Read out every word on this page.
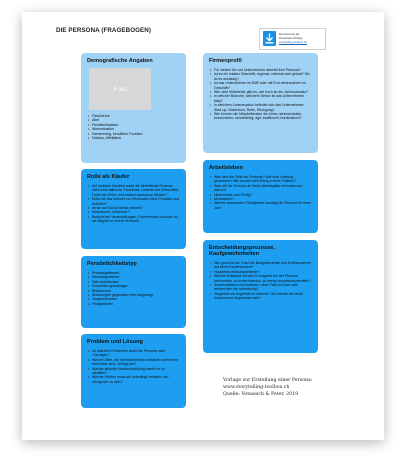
DIE PERSONA (FRAGEBOGEN)	Die Persona als
Download-Vorlage
storytelling-toolbox.ch
Demografische Angaben
Foto
• Geschlecht
• Alter
• Familiensituation
• Wohnsituation
• Karriereweg, berufliche Funktion
• Hobbys, Affinitäten
Rolle als Käufer
• Auf welchen Kanälen sucht die betreffende Persona nach Informationen: Facebook, LinkedIn etc./Newsletter, Foren etc./Print- und andere klassische Medien?
• Nutzt sie das Internet zur Information über Produkte und Anbieter?
• Ist sie auf Social Media präsent?
• Motivatoren, Influencer?
• Besucht sie Veranstaltungen, Fachmessen und/oder ist sie Mitglied in einem Verband?
Persönlichkeitstyp
• Prozessgesteuert
• Resultatgesteuert
• Sehr ambitioniert
• Hochleistungsmanager
• Risikoscheu
• Änderungen gegenüber eher abgeneigt
• Jungeschlossen
• Festgefahren
Problem und Lösung
• Zu welchen Problemen sucht die Persona nach Lösungen?
• Welche Ziele, die mit bestehenden Ansätzen nicht mehr erreichbar sind, verfolgt sie?
• Welche aktuelle Marktentwicklung macht ihr zu schaffen?
• Welche Hürden muss sie unbedingt meistern, um erfolgreich zu sein?
Firmenprofil
• Für welche Art von Unternehmen arbeitet ihre Persona?
• Ist es ein lokales Geschäft, regional, national oder global? Wo ist es ansässig?
• Ist das Unternehmen im B2B oder mit End-verbrauchern im Geschäft?
• Wie viele Mitarbeiter gibt es, wie hoch ist der Jahresumsatz?
• In welcher Branche, welchem Sektor ist das Unternehmen tätig?
• In welchem Lebenszyklus befindet sich das Unternehmen: Start-up, Wachstum, Reife, Rückgang?
• Wie können die Mitarbeitenden die Unter-nehmenskultur beschreiben: schnelllebig, agil, traditionell, bürokratisch?
Arbeitsleben
• Was sind die Ziele der Persona? Wie wird Leistung gemessen? Wie äussert sich Erfolg in ihrer Position?
• Was will die Persona an ihrem Arbeitsplatz erreichen und warum?
• Hindernisse zum Erfolg?
• Motivatoren?
• Welche besonderen Fähigkeiten benötigt die Persona für ihren Job?
Entscheidungsprozesse, Kaufgewohnheiten
• Wie gross ist der Grad der Budgetkontrolle und Einflussnahme auf einen Kaufentscheid?
• Hauptentscheidungskriterien?
• Welche Einwände könnte Ihr Angebot bei der Persona hervorrufen, zu kostenintensiv, zu wenig innovationsorientiert?
• Kommunikation mit Anbietern, eher Face-to-Face oder recherchiert sie selbständig?
• Vergleicht sie Angebote im Internet? Wo könnte der letzte Kaufprozess abgelaufen sein?

Vorlage zur Erstellung einer Persona:
www.storytelling-toolbox.ch
Quelle: Vonaesch & Peter, 2019
